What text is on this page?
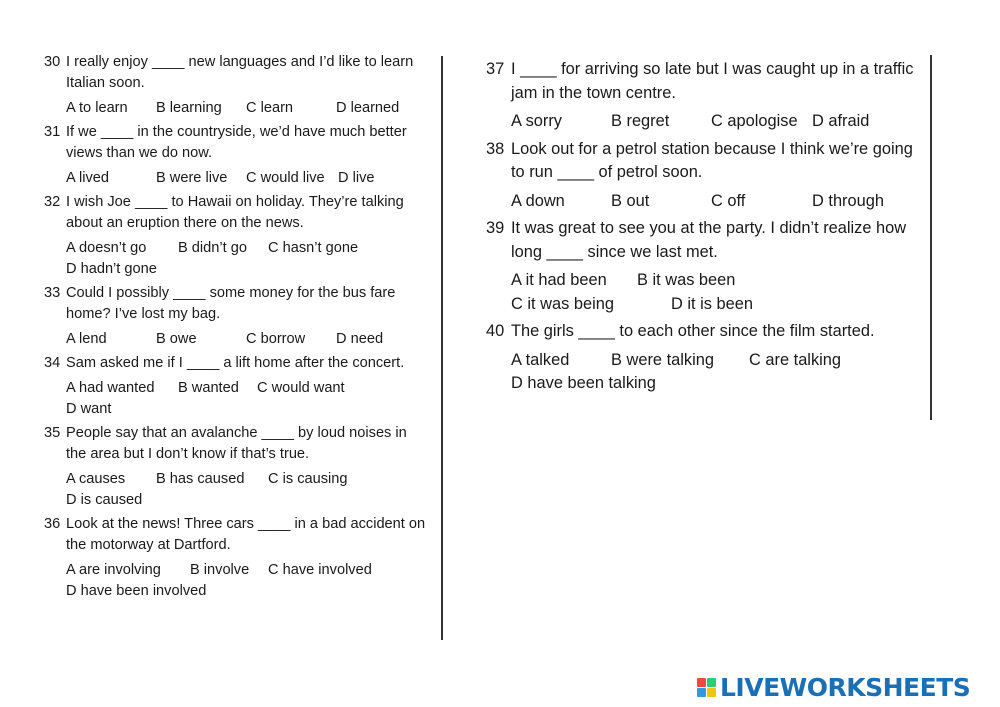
30 I really enjoy ____ new languages and I’d like to learn Italian soon.
A to learn B learning C learn	D learned
31 If we ____ in the countryside, we’d have much better views than we do now.
A lived	B were live C would live D live
32 I wish Joe ____ to Hawaii on holiday. They’re talking about an eruption there on the news.
A doesn’t go B didn’t go C hasn’t goneD hadn’t gone
33 Could I possibly ____ some money for the bus fare home? I’ve lost my bag.
A lend	B owe	C borrow D need
34 Sam asked me if I ____ a lift home after the concert.
A had wanted B wanted C would wantD want
35 People say that an avalanche ____ by loud noises in the area but I don’t know if that’s true.
A causes B has caused C is causingD is caused
36 Look at the news! Three cars ____ in a bad accident on the motorway at Dartford.
A are involving B involve C have involvedD have been involved
37 I ____ for arriving so late but I was caught up in a traffic jam in the town centre.
A sorry	B regret	C apologise D afraid
38 Look out for a petrol station because I think we’re going to run ____ of petrol soon.
A down	B out	C off	D through
39 It was great to see you at the party. I didn’t realize how long ____ since we last met.
A it had been B it was beenC it was being	D it is been
40 The girls ____ to each other since the film started.
A talked	B were talking C are talkingD have been talking
LIVEWORKSHEETS
